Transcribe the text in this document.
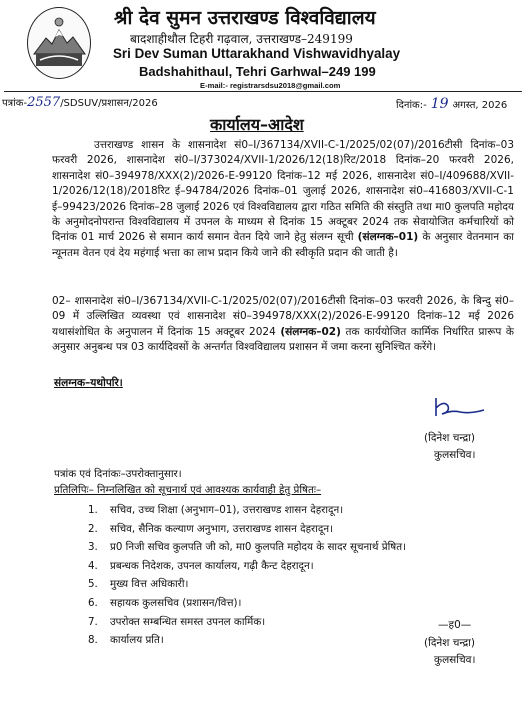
श्री देव सुमन उत्तराखण्ड विश्वविद्यालय
बादशाहीथौल टिहरी गढ़वाल, उत्तराखण्ड–249199
Sri Dev Suman Uttarakhand Vishwavidhyalay
Badshahithaul, Tehri Garhwal–249 199
E-mail:- registrarsdsu2018@gmail.com
पत्रांक-2557/SDSUV/प्रशासन/2026	दिनांक:- 19 अगस्त, 2026
कार्यालय–आदेश
उत्तराखण्ड शासन के शासनादेश सं0–I/367134/XVII-C-1/2025/02(07)/2016टीसी दिनांक–03 फरवरी 2026, शासनादेश सं0–I/373024/XVII-1/2026/12(18)रिट/2018 दिनांक–20 फरवरी 2026, शासनादेश सं0–394978/XXX(2)/2026-E-99120 दिनांक–12 मई 2026, शासनादेश सं0–I/409688/XVII-1/2026/12(18)/2018रिट ई–94784/2026 दिनांक–01 जुलाई 2026, शासनादेश सं0–416803/XVII-C-1 ई–99423/2026 दिनांक–28 जुलाई 2026 एवं विश्वविद्यालय द्वारा गठित समिति की संस्तुति तथा मा0 कुलपति महोदय के अनुमोदनोपरान्त विश्वविद्यालय में उपनल के माध्यम से दिनांक 15 अक्टूबर 2024 तक सेवायोजित कर्मचारियों को दिनांक 01 मार्च 2026 से समान कार्य समान वेतन दिये जाने हेतु संलग्न सूची (संलग्नक–01) के अनुसार वेतनमान का न्यूनतम वेतन एवं देय महंगाई भत्ता का लाभ प्रदान किये जाने की स्वीकृति प्रदान की जाती है।
02– शासनादेश सं0–I/367134/XVII-C-1/2025/02(07)/2016टीसी दिनांक–03 फरवरी 2026, के बिन्दु सं0–09 में उल्लिखित व्यवस्था एवं शासनादेश सं0–394978/XXX(2)/2026-E-99120 दिनांक–12 मई 2026 यथासंशोधित के अनुपालन में दिनांक 15 अक्टूबर 2024 (संलग्नक–02) तक कार्ययोजित कार्मिक निर्धारित प्रारूप के अनुसार अनुबन्ध पत्र 03 कार्यदिवसों के अन्तर्गत विश्वविद्यालय प्रशासन में जमा करना सुनिश्चित करेंगे।
संलग्नक–यथोपरि।
(दिनेश चन्द्रा)
कुलसचिव।
पत्रांक एवं दिनांकः–उपरोक्तानुसार।
प्रतिलिपिः– निम्नलिखित को सूचनार्थ एवं आवश्यक कार्यवाही हेतु प्रेषितः–
1. सचिव, उच्च शिक्षा (अनुभाग–01), उत्तराखण्ड शासन देहरादून।
2. सचिव, सैनिक कल्याण अनुभाग, उत्तराखण्ड शासन देहरादून।
3. प्र0 निजी सचिव कुलपति जी को, मा0 कुलपति महोदय के सादर सूचनार्थ प्रेषित।
4. प्रबन्धक निदेशक, उपनल कार्यालय, गढ़ी कैन्ट देहरादून।
5. मुख्य वित्त अधिकारी।
6. सहायक कुलसचिव (प्रशासन/वित्त)।
7. उपरोक्त सम्बन्धित समस्त उपनल कार्मिक।
8. कार्यालय प्रति।
—ह0—
(दिनेश चन्द्रा)
कुलसचिव।
